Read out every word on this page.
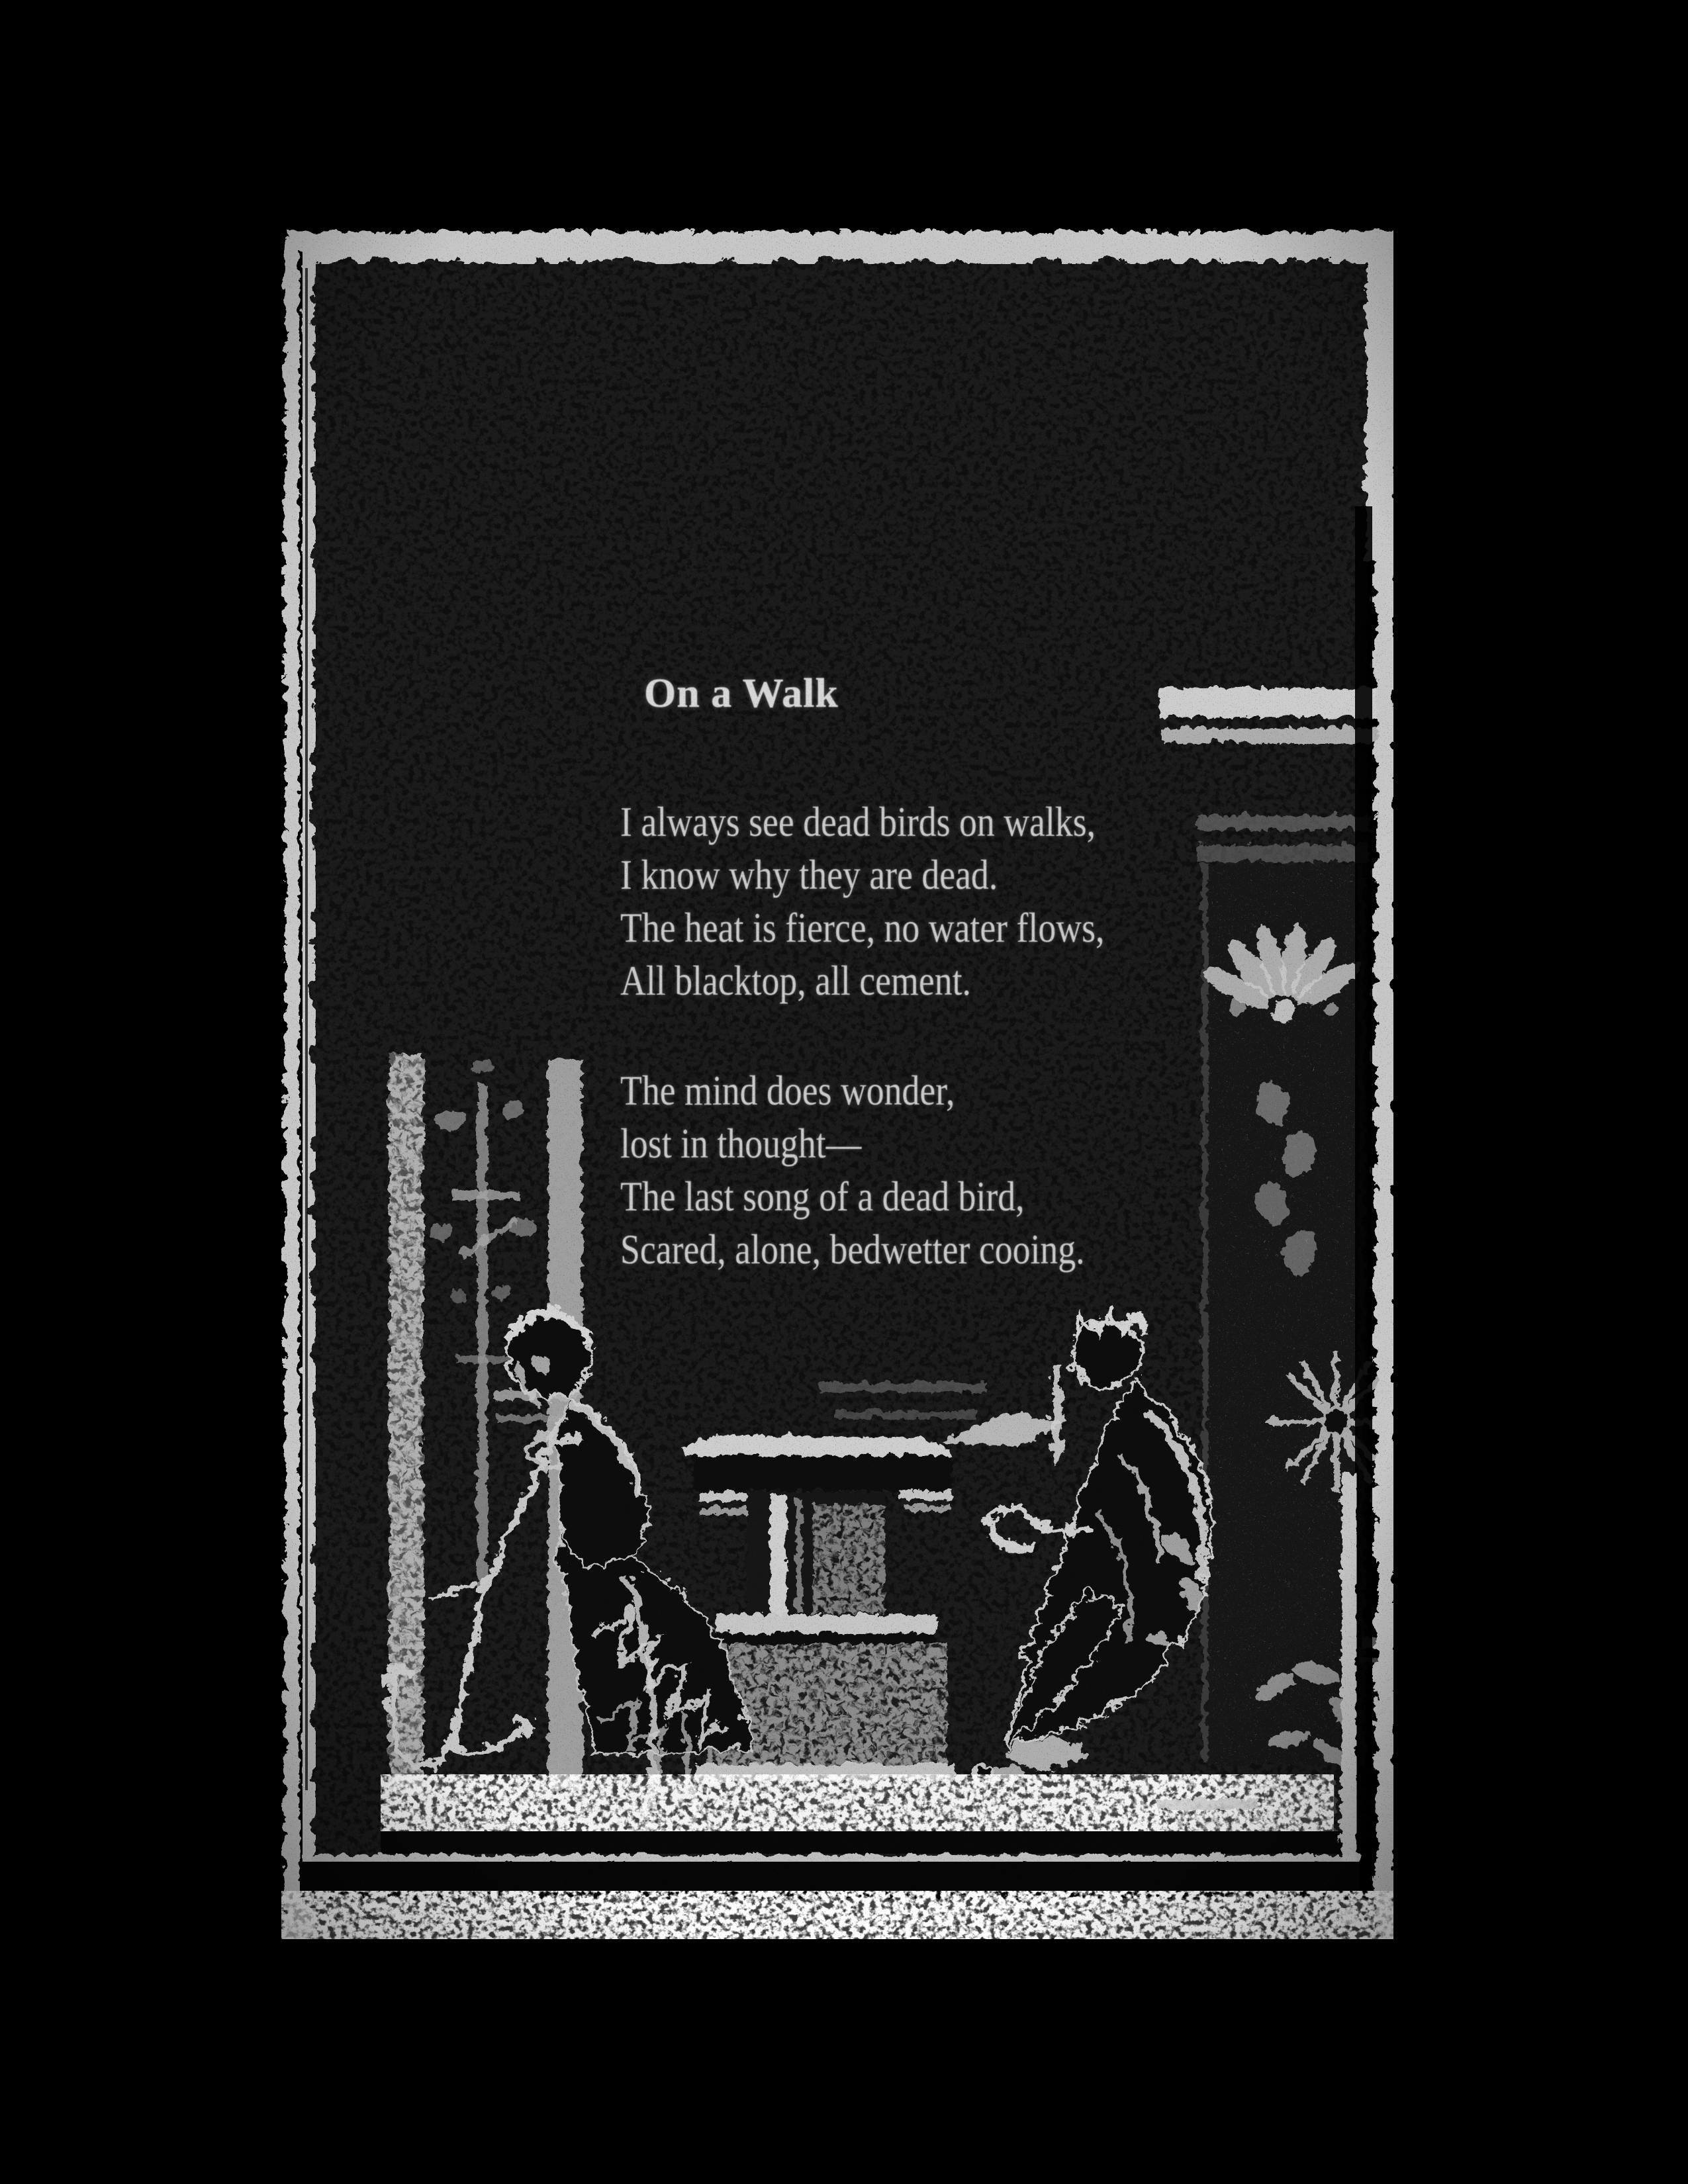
On a Walk

I always see dead birds on walks,

I know why they are dead.

The heat is fierce, no water flows,

All blacktop, all cement.

The mind does wonder,

lost in thought—

The last song of a dead bird,

Scared, alone, bedwetter cooing.
